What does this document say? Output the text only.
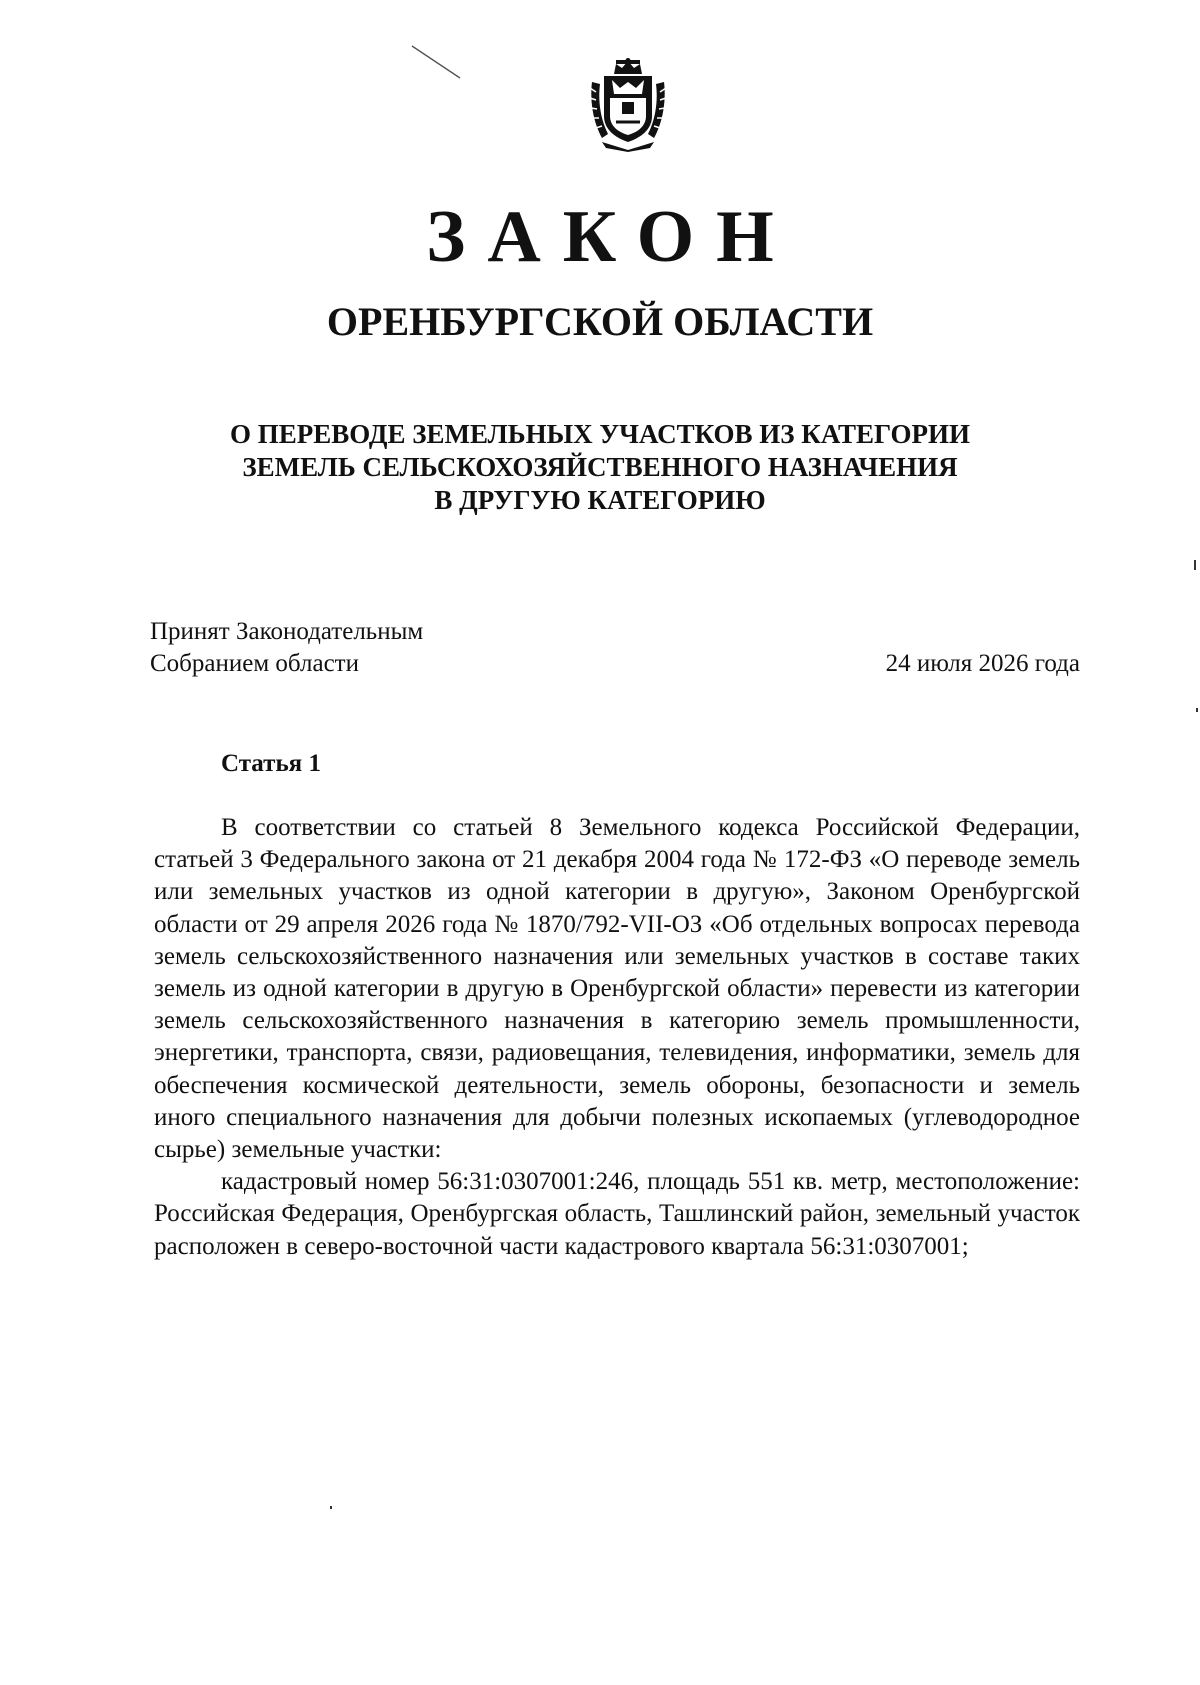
ЗАКОН
ОРЕНБУРГСКОЙ ОБЛАСТИ
О ПЕРЕВОДЕ ЗЕМЕЛЬНЫХ УЧАСТКОВ ИЗ КАТЕГОРИИ
ЗЕМЕЛЬ СЕЛЬСКОХОЗЯЙСТВЕННОГО НАЗНАЧЕНИЯ
В ДРУГУЮ КАТЕГОРИЮ
Принят Законодательным
Собранием области	24 июля 2026 года
Статья 1

В соответствии со статьей 8 Земельного кодекса Российской Федерации, статьей 3 Федерального закона от 21 декабря 2004 года № 172-ФЗ «О переводе земель или земельных участков из одной категории в другую», Законом Оренбургской области от 29 апреля 2026 года № 1870/792-VII-ОЗ «Об отдельных вопросах перевода земель сельскохозяйственного назначения или земельных участков в составе таких земель из одной категории в другую в Оренбургской области» перевести из категории земель сельскохозяйственного назначения в категорию земель промышленности, энергетики, транспорта, связи, радиовещания, телевидения, информатики, земель для обеспечения космической деятельности, земель обороны, безопасности и земель иного специального назначения для добычи полезных ископаемых (углеводородное сырье) земельные участки:

кадастровый номер 56:31:0307001:246, площадь 551 кв. метр, местоположение: Российская Федерация, Оренбургская область, Ташлинский район, земельный участок расположен в северо-восточной части кадастрового квартала 56:31:0307001;
